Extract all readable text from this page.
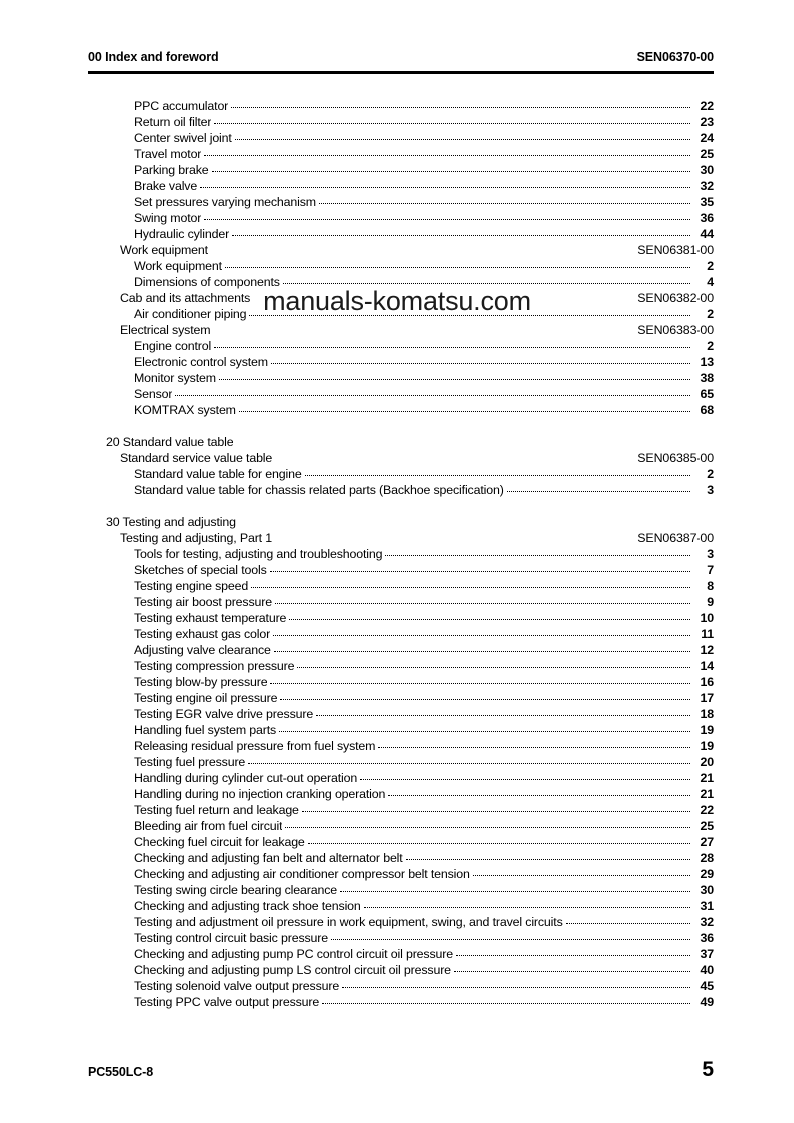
00 Index and foreword	SEN06370-00
PPC accumulator	22
Return oil filter	23
Center swivel joint	24
Travel motor	25
Parking brake	30
Brake valve	32
Set pressures varying mechanism	35
Swing motor	36
Hydraulic cylinder	44
Work equipment	SEN06381-00
Work equipment	2
Dimensions of components	4
Cab and its attachments	SEN06382-00
Air conditioner piping	2
Electrical system	SEN06383-00
Engine control	2
Electronic control system	13
Monitor system	38
Sensor	65
KOMTRAX system	68
20 Standard value table
Standard service value table	SEN06385-00
Standard value table for engine	2
Standard value table for chassis related parts (Backhoe specification)	3
30 Testing and adjusting
Testing and adjusting, Part 1	SEN06387-00
Tools for testing, adjusting and troubleshooting	3
Sketches of special tools	7
Testing engine speed	8
Testing air boost pressure	9
Testing exhaust temperature	10
Testing exhaust gas color	11
Adjusting valve clearance	12
Testing compression pressure	14
Testing blow-by pressure	16
Testing engine oil pressure	17
Testing EGR valve drive pressure	18
Handling fuel system parts	19
Releasing residual pressure from fuel system	19
Testing fuel pressure	20
Handling during cylinder cut-out operation	21
Handling during no injection cranking operation	21
Testing fuel return and leakage	22
Bleeding air from fuel circuit	25
Checking fuel circuit for leakage	27
Checking and adjusting fan belt and alternator belt	28
Checking and adjusting air conditioner compressor belt tension	29
Testing swing circle bearing clearance	30
Checking and adjusting track shoe tension	31
Testing and adjustment oil pressure in work equipment, swing, and travel circuits	32
Testing control circuit basic pressure	36
Checking and adjusting pump PC control circuit oil pressure	37
Checking and adjusting pump LS control circuit oil pressure	40
Testing solenoid valve output pressure	45
Testing PPC valve output pressure	49
manuals-komatsu.com
PC550LC-8	5
